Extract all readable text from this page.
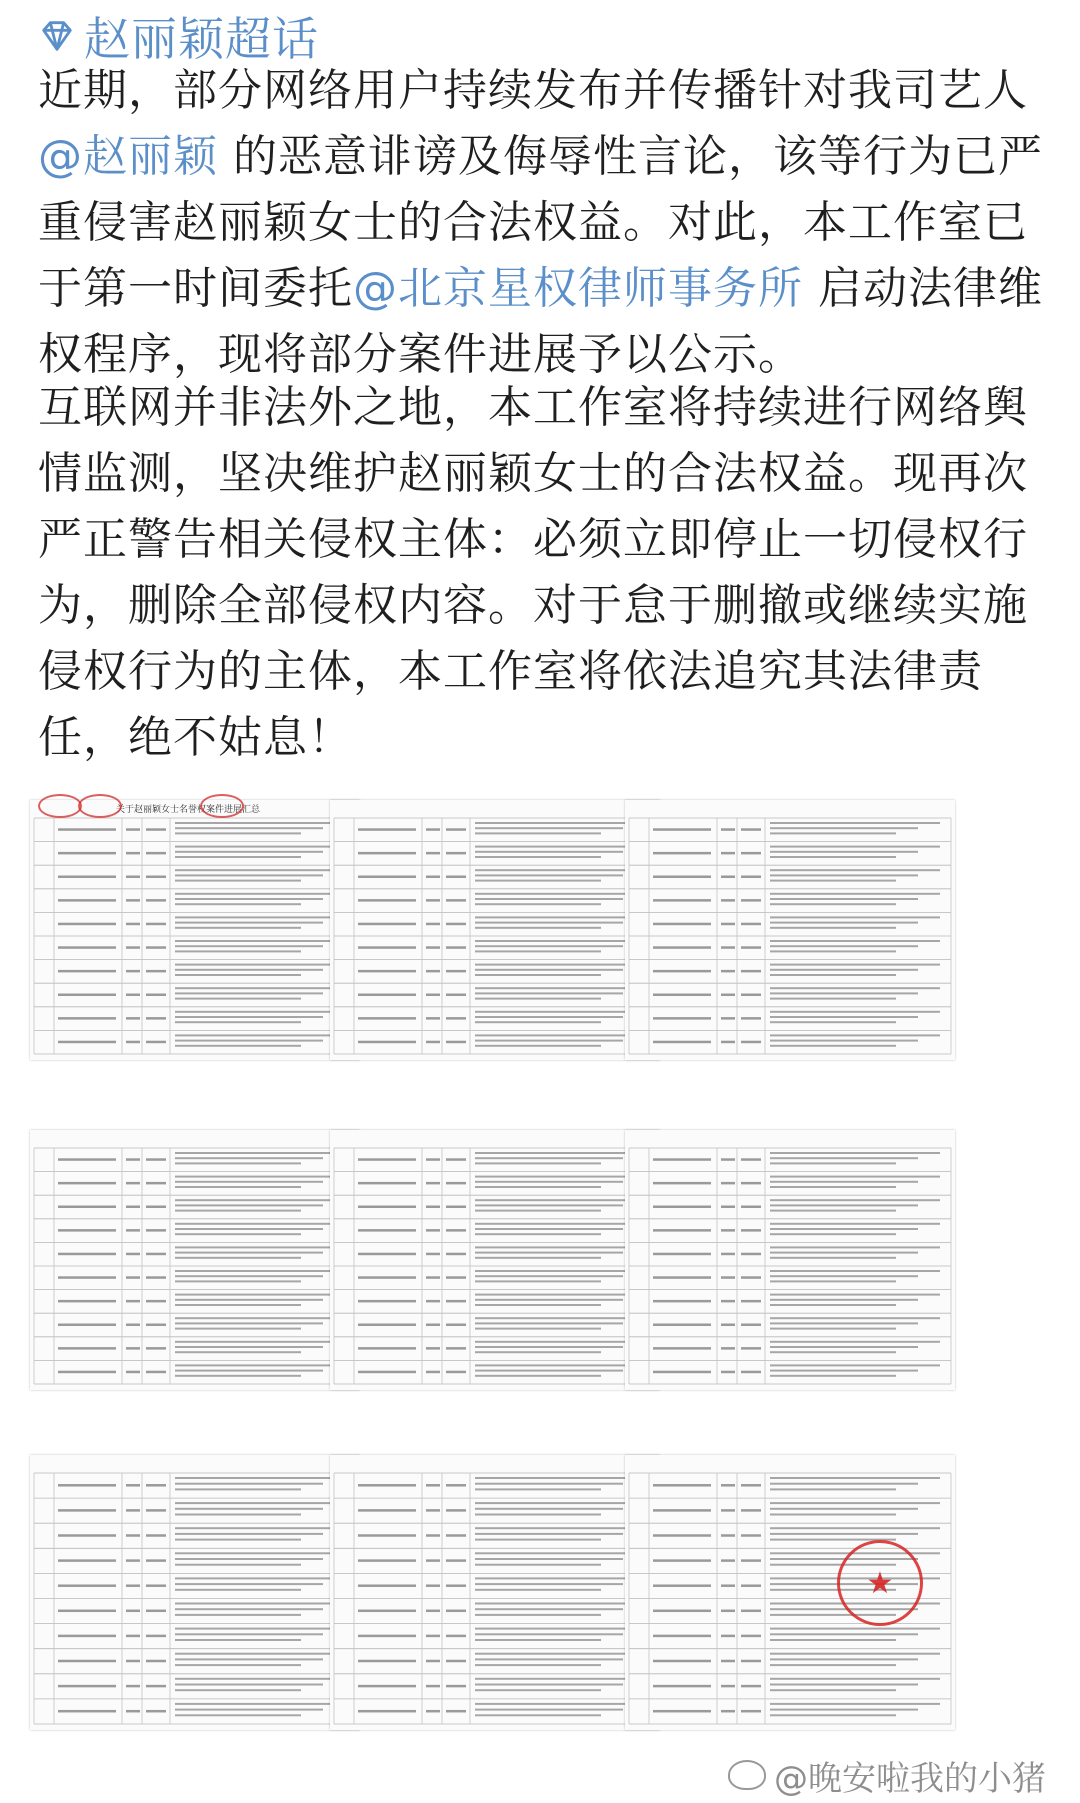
赵丽颖超话

近期，部分网络用户持续发布并传播针对我司艺人@赵丽颖 的恶意诽谤及侮辱性言论，该等行为已严重侵害赵丽颖女士的合法权益。对此，本工作室已于第一时间委托@北京星权律师事务所 启动法律维权程序，现将部分案件进展予以公示。

互联网并非法外之地，本工作室将持续进行网络舆情监测，坚决维护赵丽颖女士的合法权益。现再次严正警告相关侵权主体：必须立即停止一切侵权行为，删除全部侵权内容。对于怠于删撤或继续实施侵权行为的主体，本工作室将依法追究其法律责任，绝不姑息！

关于赵丽颖女士名誉权案件进展汇总
★
@晚安啦我的小猪
